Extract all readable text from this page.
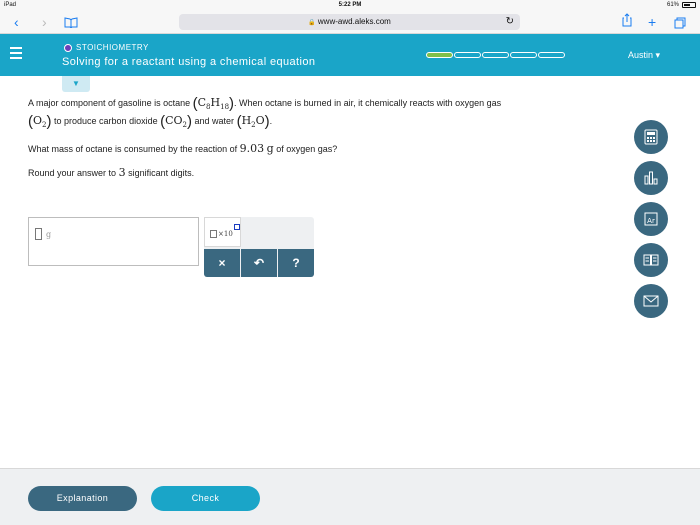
iPad	5:22 PM	61%
‹ ›	🔒 www-awd.aleks.com	↻	+
STOICHIOMETRY
Solving for a reactant using a chemical equation
Austin ▾
▼

A major component of gasoline is octane $(C_8H_{18})$. When octane is burned in air, it chemically reacts with oxygen gas
$(O_2)$ to produce carbon dioxide $(CO_2)$ and water $(H_2O)$.

What mass of octane is consumed by the reaction of 9.03 g of oxygen gas?

Round your answer to 3 significant digits.

g	×10
×	↶	?
Ar
Explanation	Check
